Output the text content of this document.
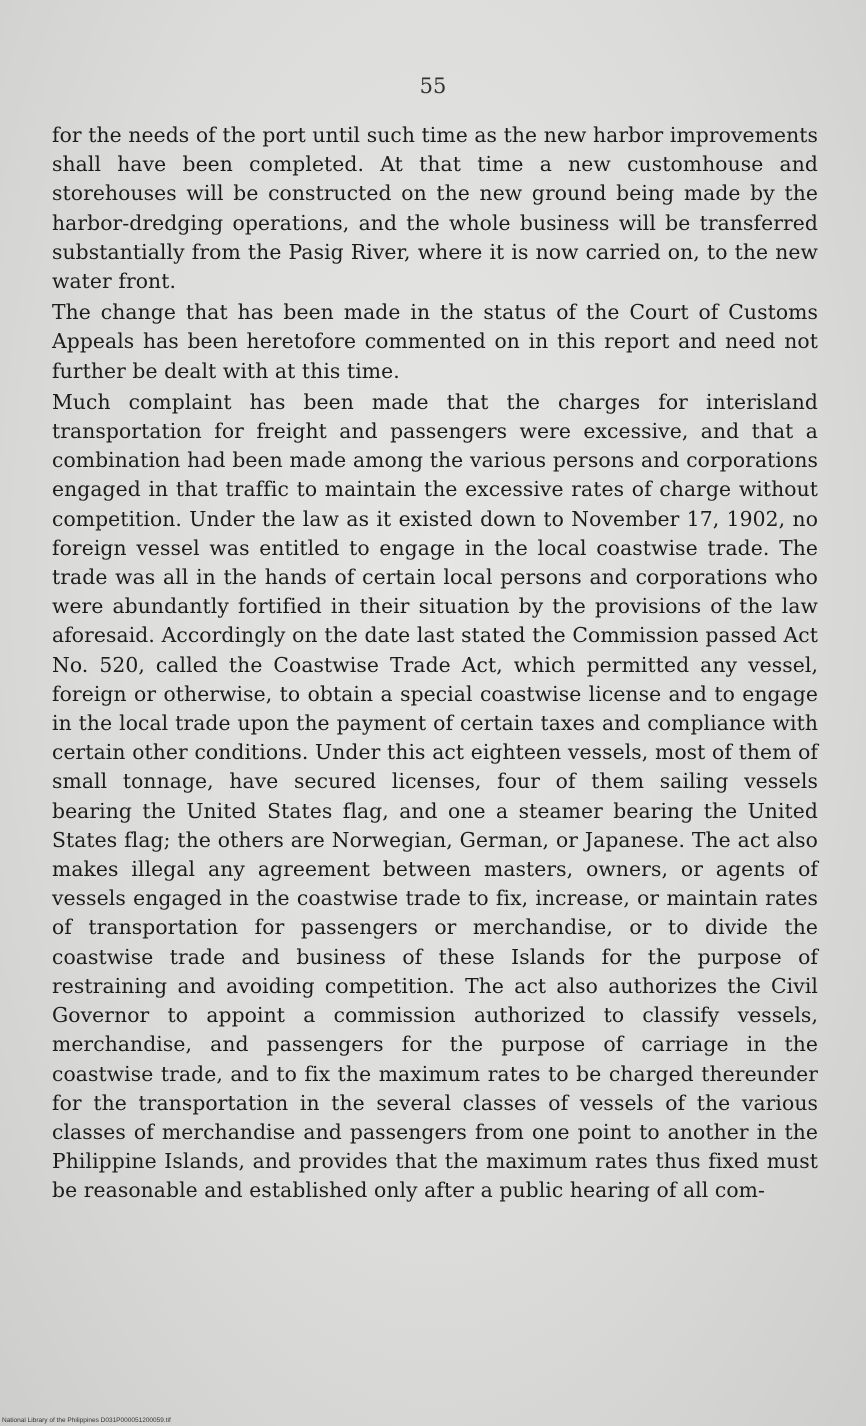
55

for the needs of the port until such time as the new harbor improvements shall have been completed. At that time a new customhouse and storehouses will be constructed on the new ground being made by the harbor-dredging operations, and the whole business will be transferred substantially from the Pasig River, where it is now carried on, to the new water front.

The change that has been made in the status of the Court of Customs Appeals has been heretofore commented on in this report and need not further be dealt with at this time.

Much complaint has been made that the charges for interisland transportation for freight and passengers were excessive, and that a combination had been made among the various persons and corporations engaged in that traffic to maintain the excessive rates of charge without competition. Under the law as it existed down to November 17, 1902, no foreign vessel was entitled to engage in the local coastwise trade. The trade was all in the hands of certain local persons and corporations who were abundantly fortified in their situation by the provisions of the law aforesaid. Accordingly on the date last stated the Commission passed Act No. 520, called the Coastwise Trade Act, which permitted any vessel, foreign or otherwise, to obtain a special coastwise license and to engage in the local trade upon the payment of certain taxes and compliance with certain other conditions. Under this act eighteen vessels, most of them of small tonnage, have secured licenses, four of them sailing vessels bearing the United States flag, and one a steamer bearing the United States flag; the others are Norwegian, German, or Japanese. The act also makes illegal any agreement between masters, owners, or agents of vessels engaged in the coastwise trade to fix, increase, or maintain rates of transportation for passengers or merchandise, or to divide the coastwise trade and business of these Islands for the purpose of restraining and avoiding competition. The act also authorizes the Civil Governor to appoint a commission authorized to classify vessels, merchandise, and passengers for the purpose of carriage in the coastwise trade, and to fix the maximum rates to be charged thereunder for the transportation in the several classes of vessels of the various classes of merchandise and passengers from one point to another in the Philippine Islands, and provides that the maximum rates thus fixed must be reasonable and established only after a public hearing of all com-

National Library of the Philippines D031P000051200059.tif
